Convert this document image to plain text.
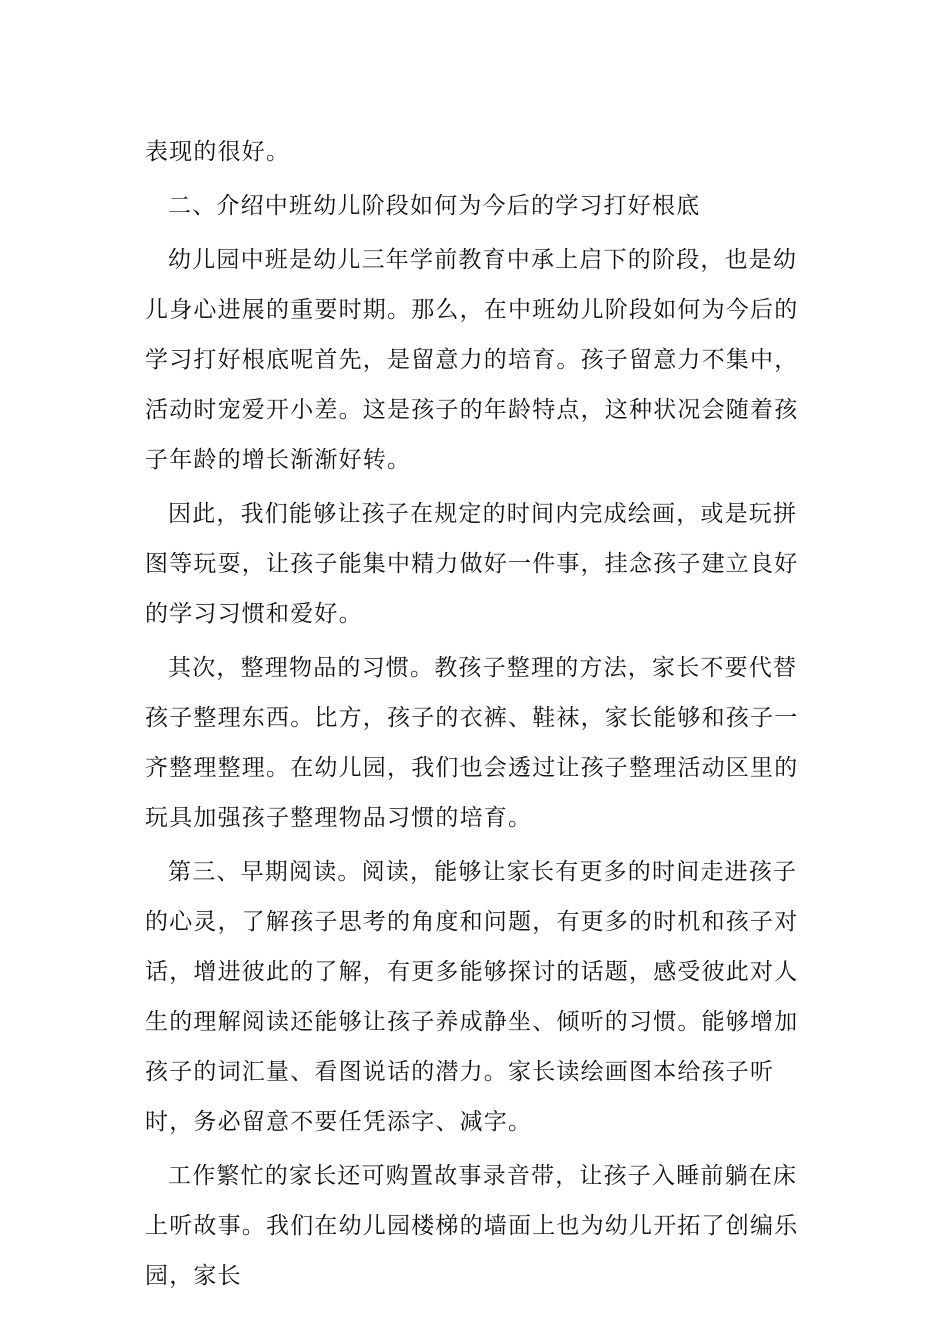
表现的很好。

二、介绍中班幼儿阶段如何为今后的学习打好根底

幼儿园中班是幼儿三年学前教育中承上启下的阶段，也是幼儿身心进展的重要时期。那么，在中班幼儿阶段如何为今后的学习打好根底呢首先，是留意力的培育。孩子留意力不集中，活动时宠爱开小差。这是孩子的年龄特点，这种状况会随着孩子年龄的增长渐渐好转。

因此，我们能够让孩子在规定的时间内完成绘画，或是玩拼图等玩耍，让孩子能集中精力做好一件事，挂念孩子建立良好的学习习惯和爱好。

其次，整理物品的习惯。教孩子整理的方法，家长不要代替孩子整理东西。比方，孩子的衣裤、鞋袜，家长能够和孩子一齐整理整理。在幼儿园，我们也会透过让孩子整理活动区里的玩具加强孩子整理物品习惯的培育。

第三、早期阅读。阅读，能够让家长有更多的时间走进孩子的心灵，了解孩子思考的角度和问题，有更多的时机和孩子对话，增进彼此的了解，有更多能够探讨的话题，感受彼此对人生的理解阅读还能够让孩子养成静坐、倾听的习惯。能够增加孩子的词汇量、看图说话的潜力。家长读绘画图本给孩子听时，务必留意不要任凭添字、减字。

工作繁忙的家长还可购置故事录音带，让孩子入睡前躺在床上听故事。我们在幼儿园楼梯的墙面上也为幼儿开拓了创编乐园，家长
